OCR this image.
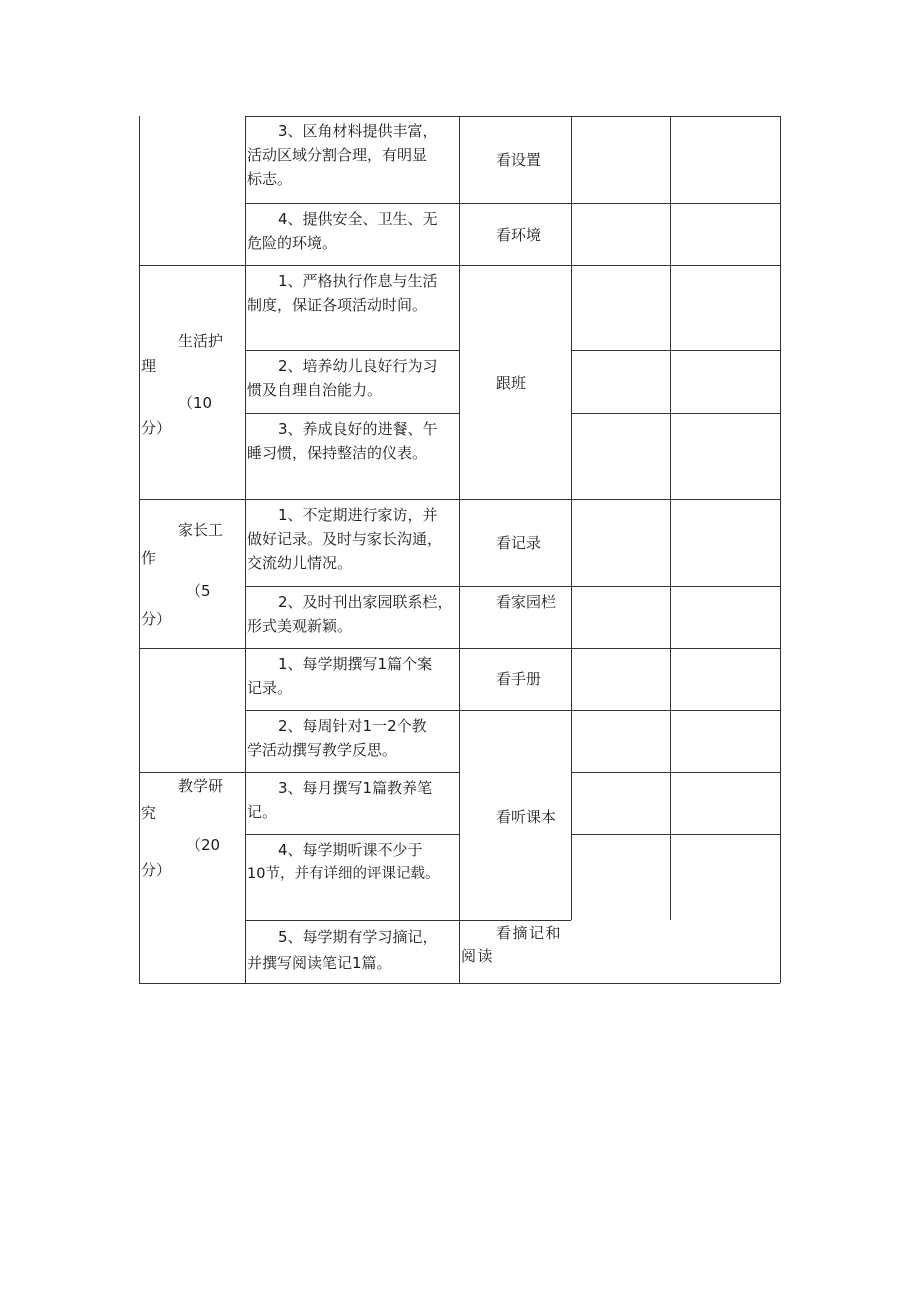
生活护
理
（10
分）
家长工
作
（5
分）
教学研
究
（20
分）
3、区角材料提供丰富，
活动区域分割合理，有明显
标志。
4、提供安全、卫生、无
危险的环境。
1、严格执行作息与生活
制度，保证各项活动时间。
2、培养幼儿良好行为习
惯及自理自治能力。
3、养成良好的进餐、午
睡习惯，保持整洁的仪表。
1、不定期进行家访，并
做好记录。及时与家长沟通，
交流幼儿情况。
2、及时刊出家园联系栏，
形式美观新颖。
1、每学期撰写1篇个案
记录。
2、每周针对1一2个教
学活动撰写教学反思。
3、每月撰写1篇教养笔
记。
4、每学期听课不少于
10节，并有详细的评课记载。
5、每学期有学习摘记，
并撰写阅读笔记1篇。
看设置
看环境
跟班
看记录
看家园栏
看手册
看听课本
看摘记和阅读
